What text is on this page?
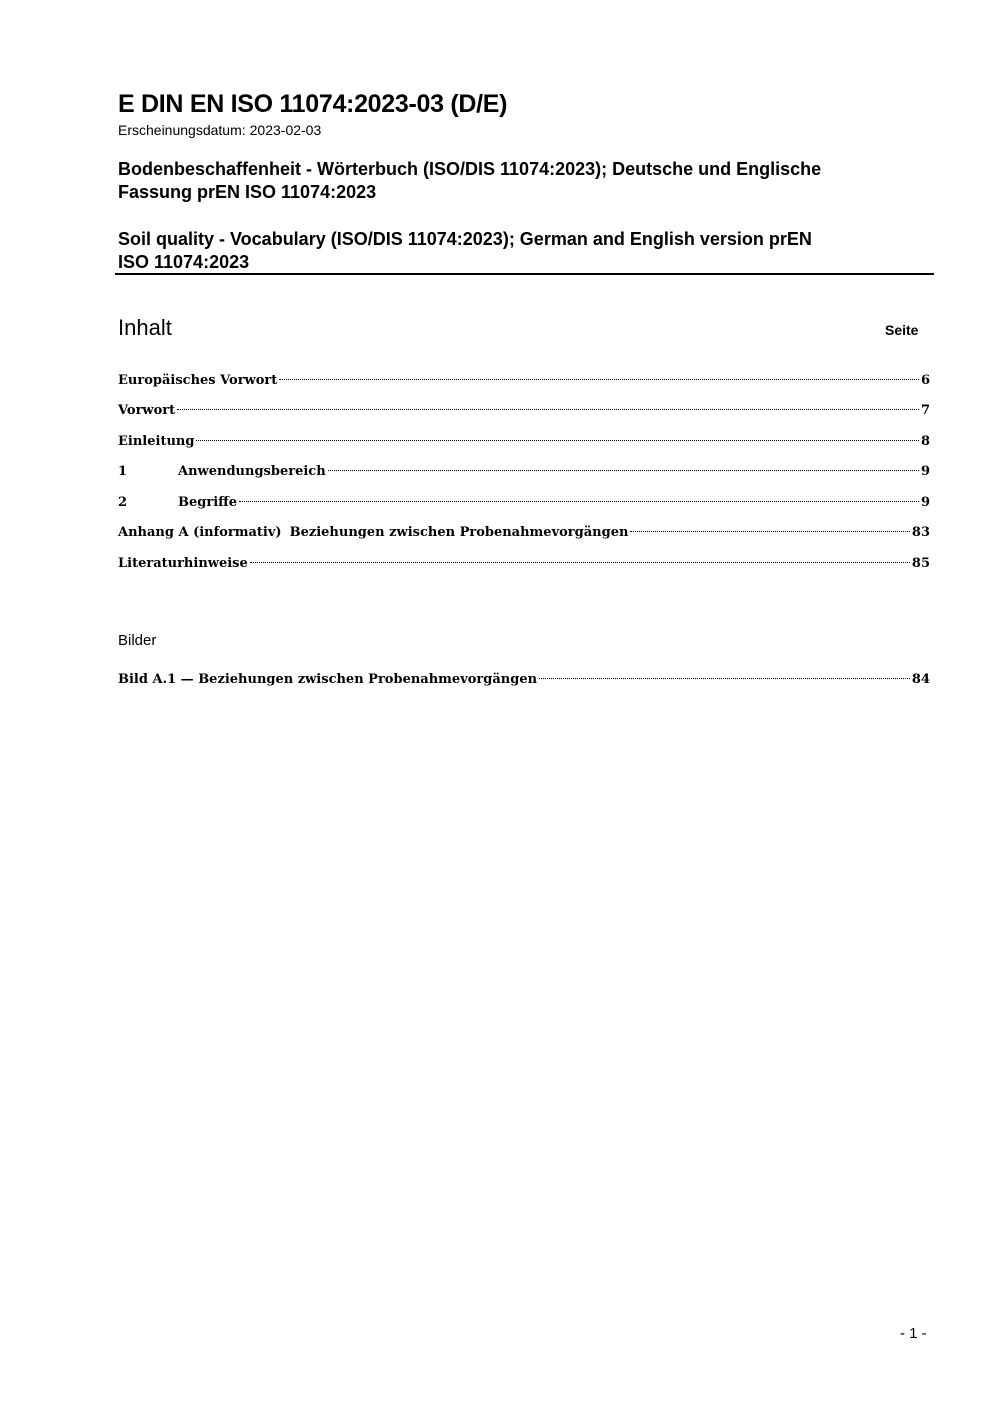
E DIN EN ISO 11074:2023-03 (D/E)
Erscheinungsdatum: 2023-02-03
Bodenbeschaffenheit - Wörterbuch (ISO/DIS 11074:2023); Deutsche und Englische
Fassung prEN ISO 11074:2023
Soil quality - Vocabulary (ISO/DIS 11074:2023); German and English version prEN
ISO 11074:2023
Inhalt	Seite
Europäisches Vorwort	6
Vorwort	7
Einleitung	8
1	Anwendungsbereich	9
2	Begriffe	9
Anhang A (informativ) Beziehungen zwischen Probenahmevorgängen	83
Literaturhinweise	85
Bilder
Bild A.1 — Beziehungen zwischen Probenahmevorgängen	84
- 1 -
